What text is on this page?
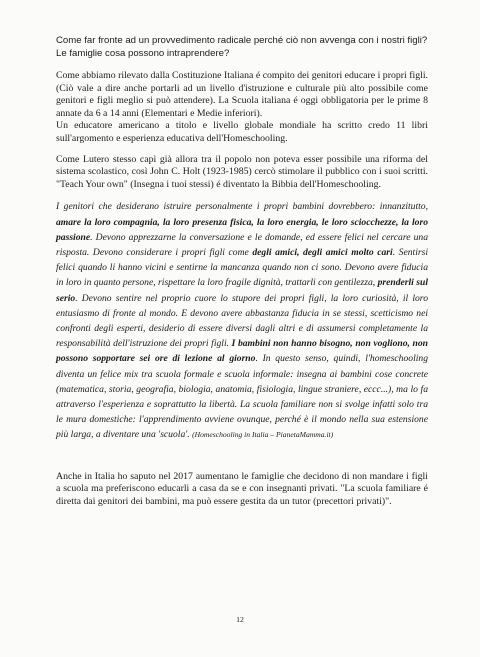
Come far fronte ad un provvedimento radicale perché ciò non avvenga con i nostri figli? Le famiglie cosa possono intraprendere?

Come abbiamo rilevato dalla Costituzione Italiana é compito dei genitori educare i propri figli. (Ciò vale a dire anche portarli ad un livello d'istruzione e culturale più alto possibile come genitori e figli meglio si può attendere). La Scuola italiana é oggi obbligatoria per le prime 8 annate da 6 a 14 anni (Elementari e Medie inferiori).
Un educatore americano a titolo e livello globale mondiale ha scritto credo 11 libri sull'argomento e esperienza educativa dell'Homeschooling.

Come Lutero stesso capì già allora tra il popolo non poteva esser possibile una riforma del sistema scolastico, così John C. Holt (1923-1985) cercò stimolare il pubblico con i suoi scritti. "Teach Your own" (Insegna i tuoi stessi) é diventato la Bibbia dell'Homeschooling.

I genitori che desiderano istruire personalmente i propri bambini dovrebbero: innanzitutto, amare la loro compagnia, la loro presenza fisica, la loro energia, le loro sciocchezze, la loro passione. Devono apprezzarne la conversazione e le domande, ed essere felici nel cercare una risposta. Devono considerare i propri figli come degli amici, degli amici molto cari. Sentirsi felici quando li hanno vicini e sentirne la mancanza quando non ci sono. Devono avere fiducia in loro in quanto persone, rispettare la loro fragile dignità, trattarli con gentilezza, prenderli sul serio. Devono sentire nel proprio cuore lo stupore dei propri figli, la loro curiosità, il loro entusiasmo di fronte al mondo. E devono avere abbastanza fiducia in se stessi, scetticismo nei confronti degli esperti, desiderio di essere diversi dagli altri e di assumersi completamente la responsabilità dell'istruzione dei propri figli. I bambini non hanno bisogno, non vogliono, non possono sopportare sei ore di lezione al giorno. In questo senso, quindi, l'homeschooling diventa un felice mix tra scuola formale e scuola informale: insegna ai bambini cose concrete (matematica, storia, geografia, biologia, anatomia, fisiologia, lingue straniere, eccc...), ma lo fa attraverso l'esperienza e soprattutto la libertà. La scuola familiare non si svolge infatti solo tra le mura domestiche: l'apprendimento avviene ovunque, perché è il mondo nella sua estensione più larga, a diventare una 'scuola'. (Homeschooling in Italia – PianetaMamma.it)

Anche in Italia ho saputo nel 2017 aumentano le famiglie che decidono di non mandare i figli a scuola ma preferiscono educarli a casa da se e con insegnanti privati. "La scuola familiare é diretta dai genitori dei bambini, ma può essere gestita da un tutor (precettori privati)".

12
